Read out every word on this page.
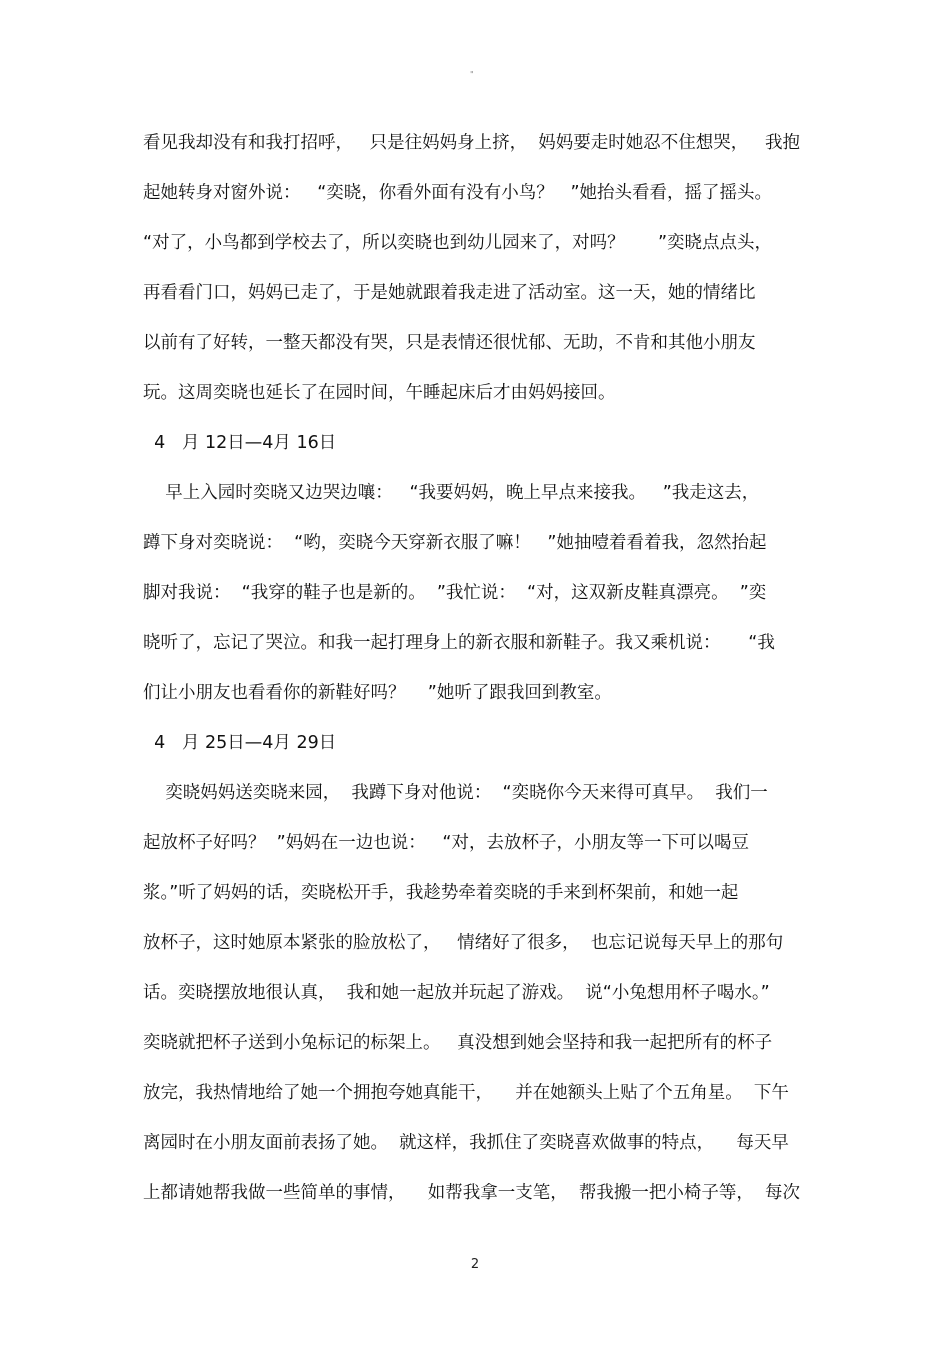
"
看见我却没有和我打招呼，   只是往妈妈身上挤，  妈妈要走时她忍不住想哭，   我抱
起她转身对窗外说：   “奕晓，你看外面有没有小鸟？   ”她抬头看看，摇了摇头。
“对了，小鸟都到学校去了，所以奕晓也到幼儿园来了，对吗？      ”奕晓点点头，
再看看门口，妈妈已走了，于是她就跟着我走进了活动室。这一天，她的情绪比
以前有了好转，一整天都没有哭，只是表情还很忧郁、无助，不肯和其他小朋友
玩。这周奕晓也延长了在园时间，午睡起床后才由妈妈接回。
4   月 12日—4月 16日
早上入园时奕晓又边哭边嚷：   “我要妈妈，晚上早点来接我。   ”我走这去，
蹲下身对奕晓说：  “哟，奕晓今天穿新衣服了嘛！   ”她抽噎着看着我，忽然抬起
脚对我说：  “我穿的鞋子也是新的。  ”我忙说：  “对，这双新皮鞋真漂亮。  ”奕
晓听了，忘记了哭泣。和我一起打理身上的新衣服和新鞋子。我又乘机说：     “我
们让小朋友也看看你的新鞋好吗？    ”她听了跟我回到教室。
4   月 25日—4月 29日
奕晓妈妈送奕晓来园，  我蹲下身对他说：  “奕晓你今天来得可真早。  我们一
起放杯子好吗？  ”妈妈在一边也说：   “对，去放杯子，小朋友等一下可以喝豆
浆。”听了妈妈的话，奕晓松开手，我趁势牵着奕晓的手来到杯架前，和她一起
放杯子，这时她原本紧张的脸放松了，   情绪好了很多，  也忘记说每天早上的那句
话。奕晓摆放地很认真，  我和她一起放并玩起了游戏。  说“小兔想用杯子喝水。”
奕晓就把杯子送到小兔标记的标架上。   真没想到她会坚持和我一起把所有的杯子
放完，我热情地给了她一个拥抱夸她真能干，    并在她额头上贴了个五角星。  下午
离园时在小朋友面前表扬了她。  就这样，我抓住了奕晓喜欢做事的特点，    每天早
上都请她帮我做一些简单的事情，    如帮我拿一支笔，  帮我搬一把小椅子等，  每次
2
